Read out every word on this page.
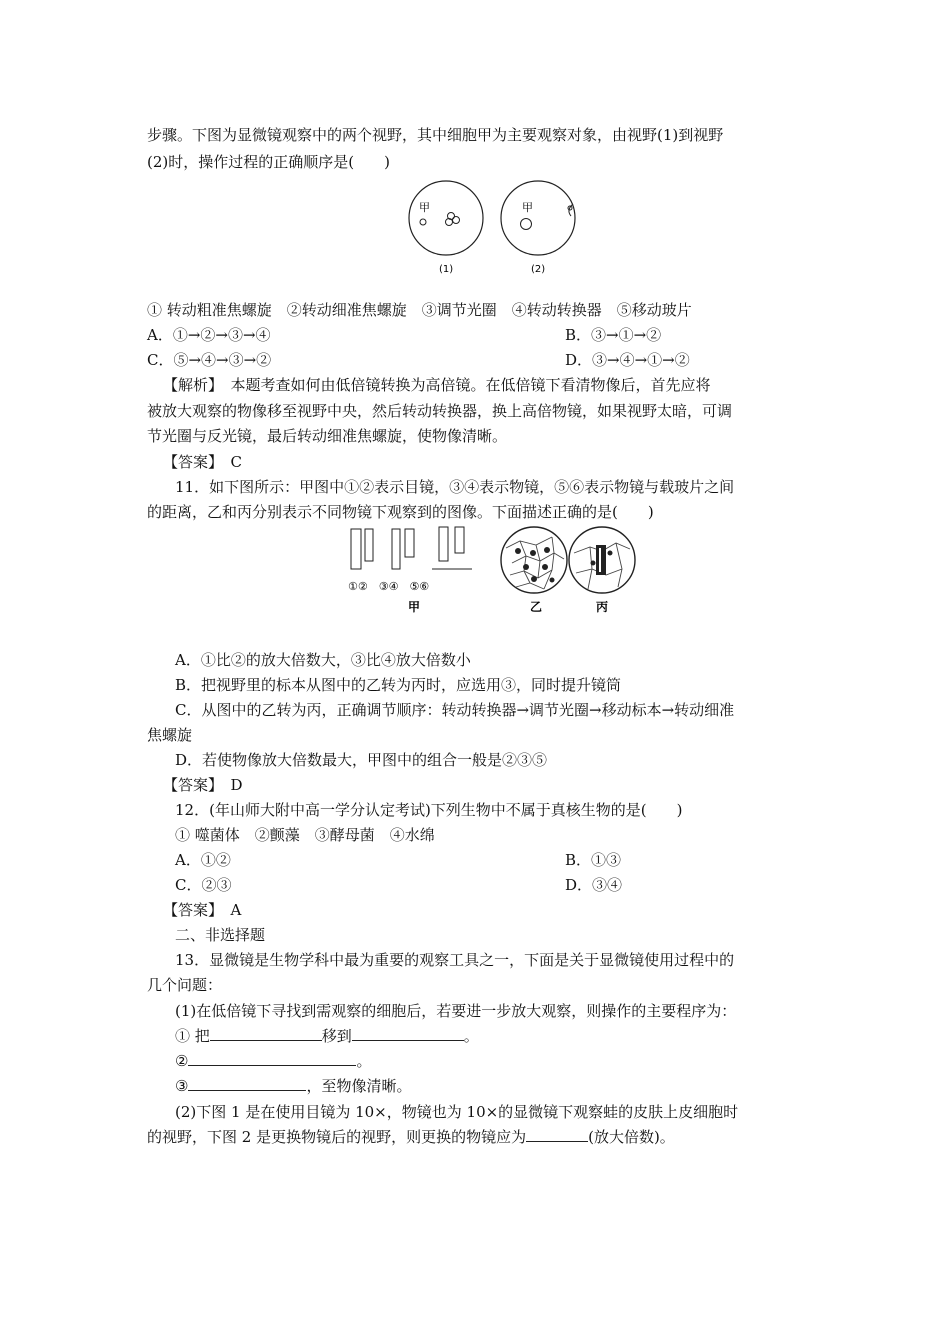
步骤。下图为显微镜观察中的两个视野，其中细胞甲为主要观察对象，由视野(1)到视野
(2)时，操作过程的正确顺序是(　　)
甲	甲
(1)	(2)
① 转动粗准焦螺旋　②转动细准焦螺旋　③调节光圈　④转动转换器　⑤移动玻片
A．①→②→③→④	B．③→①→②
C．⑤→④→③→②	D．③→④→①→②
【解析】　本题考查如何由低倍镜转换为高倍镜。在低倍镜下看清物像后，首先应将
被放大观察的物像移至视野中央，然后转动转换器，换上高倍物镜，如果视野太暗，可调
节光圈与反光镜，最后转动细准焦螺旋，使物像清晰。
【答案】　C
11．如下图所示：甲图中①②表示目镜，③④表示物镜，⑤⑥表示物镜与载玻片之间
的距离，乙和丙分别表示不同物镜下观察到的图像。下面描述正确的是(　　)
①②　③④　⑤⑥
甲	乙	丙
A．①比②的放大倍数大，③比④放大倍数小
B．把视野里的标本从图中的乙转为丙时，应选用③，同时提升镜筒
C．从图中的乙转为丙，正确调节顺序：转动转换器→调节光圈→移动标本→转动细准
焦螺旋
D．若使物像放大倍数最大，甲图中的组合一般是②③⑤
【答案】　D
12．(年山师大附中高一学分认定考试)下列生物中不属于真核生物的是(　　)
① 噬菌体　②颤藻　③酵母菌　④水绵
A．①②	B．①③
C．②③	D．③④
【答案】　A
二、非选择题
13．显微镜是生物学科中最为重要的观察工具之一，下面是关于显微镜使用过程中的
几个问题：
(1)在低倍镜下寻找到需观察的细胞后，若要进一步放大观察，则操作的主要程序为：
① 把	移到	。
②	。
③	，至物像清晰。
(2)下图 1 是在使用目镜为 10×，物镜也为 10×的显微镜下观察蛙的皮肤上皮细胞时
的视野，下图 2 是更换物镜后的视野，则更换的物镜应为	(放大倍数)。
